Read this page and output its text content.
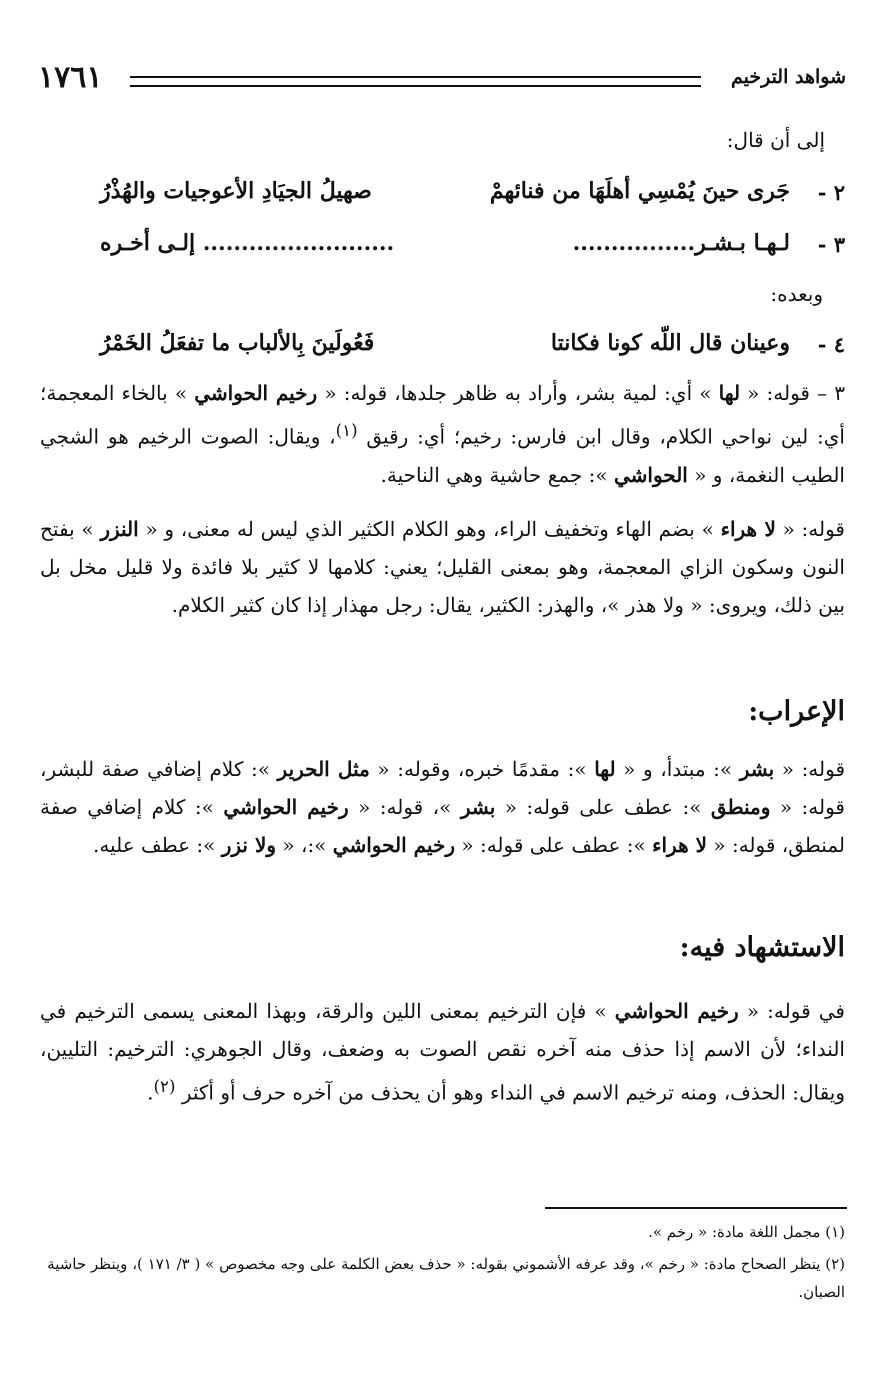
١٧٦١	شواهد الترخيم
إلى أن قال:
٢ -
جَرى حينَ يُمْسِي أهلَهَا من فنائهمْ
صهيلُ الجيَادِ الأعوجيات والهُذْرُ
٣ -
لـهـا بـشـر................
......................... إلـى أخـره
وبعده:
٤ -
وعينان قال اللّه كونا فكانتا
فَعُولَينَ بِالألباب ما تفعَلُ الخَمْرُ
٣ – قوله: « لها » أي: لمية بشر، وأراد به ظاهر جلدها، قوله: « رخيم الحواشي » بالخاء المعجمة؛ أي: لين نواحي الكلام، وقال ابن فارس: رخيم؛ أي: رقيق $^{(١)}$، ويقال: الصوت الرخيم هو الشجي الطيب النغمة، و « الحواشي »: جمع حاشية وهي الناحية.
قوله: « لا هراء » بضم الهاء وتخفيف الراء، وهو الكلام الكثير الذي ليس له معنى، و « النزر » بفتح النون وسكون الزاي المعجمة، وهو بمعنى القليل؛ يعني: كلامها لا كثير بلا فائدة ولا قليل مخل بل بين ذلك، ويروى: « ولا هذر »، والهذر: الكثير، يقال: رجل مهذار إذا كان كثير الكلام.
الإعراب:
قوله: « بشر »: مبتدأ، و « لها »: مقدمًا خبره، وقوله: « مثل الحرير »: كلام إضافي صفة للبشر، قوله: « ومنطق »: عطف على قوله: « بشر »، قوله: « رخيم الحواشي »: كلام إضافي صفة لمنطق، قوله: « لا هراء »: عطف على قوله: « رخيم الحواشي »:، « ولا نزر »: عطف عليه.
الاستشهاد فيه:
في قوله: « رخيم الحواشي » فإن الترخيم بمعنى اللين والرقة، وبهذا المعنى يسمى الترخيم في النداء؛ لأن الاسم إذا حذف منه آخره نقص الصوت به وضعف، وقال الجوهري: الترخيم: التليين، ويقال: الحذف، ومنه ترخيم الاسم في النداء وهو أن يحذف من آخره حرف أو أكثر $^{(٢)}$.
(١) مجمل اللغة مادة: « رخم ».
(٢) ينظر الصحاح مادة: « رخم »، وقد عرفه الأشموني بقوله: « حذف بعض الكلمة على وجه مخصوص » ( ٣/ ١٧١ )، وينظر حاشية الصبان.
